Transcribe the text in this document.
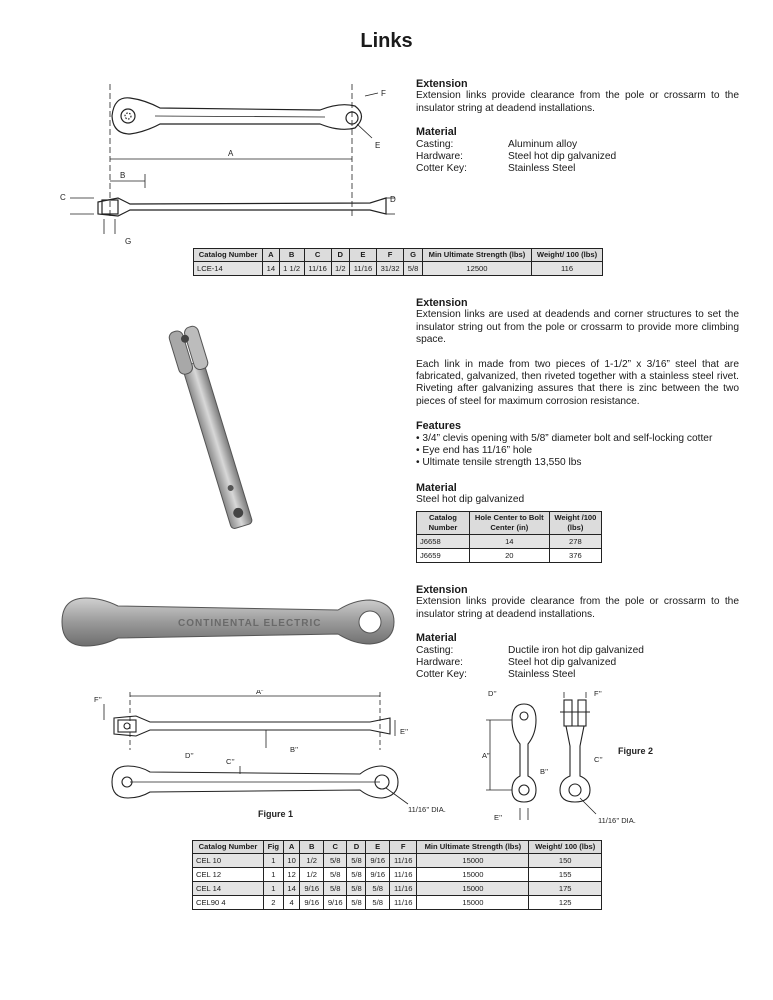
Links
A
B
C	D
E
F
G
Extension
Extension links provide clearance from the pole or crossarm to the insulator string at deadend installations.
Material
Casting:	Aluminum alloy
Hardware:	Steel hot dip galvanized
Cotter Key:	Stainless Steel
Catalog Number	A	B	C	D	E	F	G	Min Ultimate Strength (lbs)	Weight/ 100 (lbs)
LCE-14	14	1 1/2	11/16	1/2	11/16	31/32	5/8	12500	116
Extension
Extension links are used at deadends and corner structures to set the insulator string out from the pole or crossarm to provide more climbing space.
Each link in made from two pieces of 1-1/2” x 3/16” steel that are fabricated, galvanized, then riveted together with a stainless steel rivet. Riveting after galvanizing assures that there is zinc between the two pieces of steel for maximum corrosion resistance.
Features
• 3/4” clevis opening with 5/8” diameter bolt and self-locking cotter
• Eye end has 11/16” hole
• Ultimate tensile strength 13,550 lbs
Material
Steel hot dip galvanized
Catalog Number	Hole Center to Bolt Center (in)	Weight /100 (lbs)
J6658	14	278
J6659	20	376
CONTINENTAL ELECTRIC
Extension
Extension links provide clearance from the pole or crossarm to the insulator string at deadend installations.
Material
Casting:	Ductile iron hot dip galvanized
Hardware:	Steel hot dip galvanized
Cotter Key:	Stainless Steel
A’’
B’’
C’’
D’’
E’’
F’’
11/16’’ DIA.
Figure 1
D’’
A’’
B’’
C’’
E’’
F’’
11/16’’ DIA.
Figure 2
Catalog Number	Fig	A	B	C	D	E	F	Min Ultimate Strength (lbs)	Weight/ 100 (lbs)
CEL 10	1	10	1/2	5/8	5/8	9/16	11/16	15000	150
CEL 12	1	12	1/2	5/8	5/8	9/16	11/16	15000	155
CEL 14	1	14	9/16	5/8	5/8	5/8	11/16	15000	175
CEL90 4	2	4	9/16	9/16	5/8	5/8	11/16	15000	125
